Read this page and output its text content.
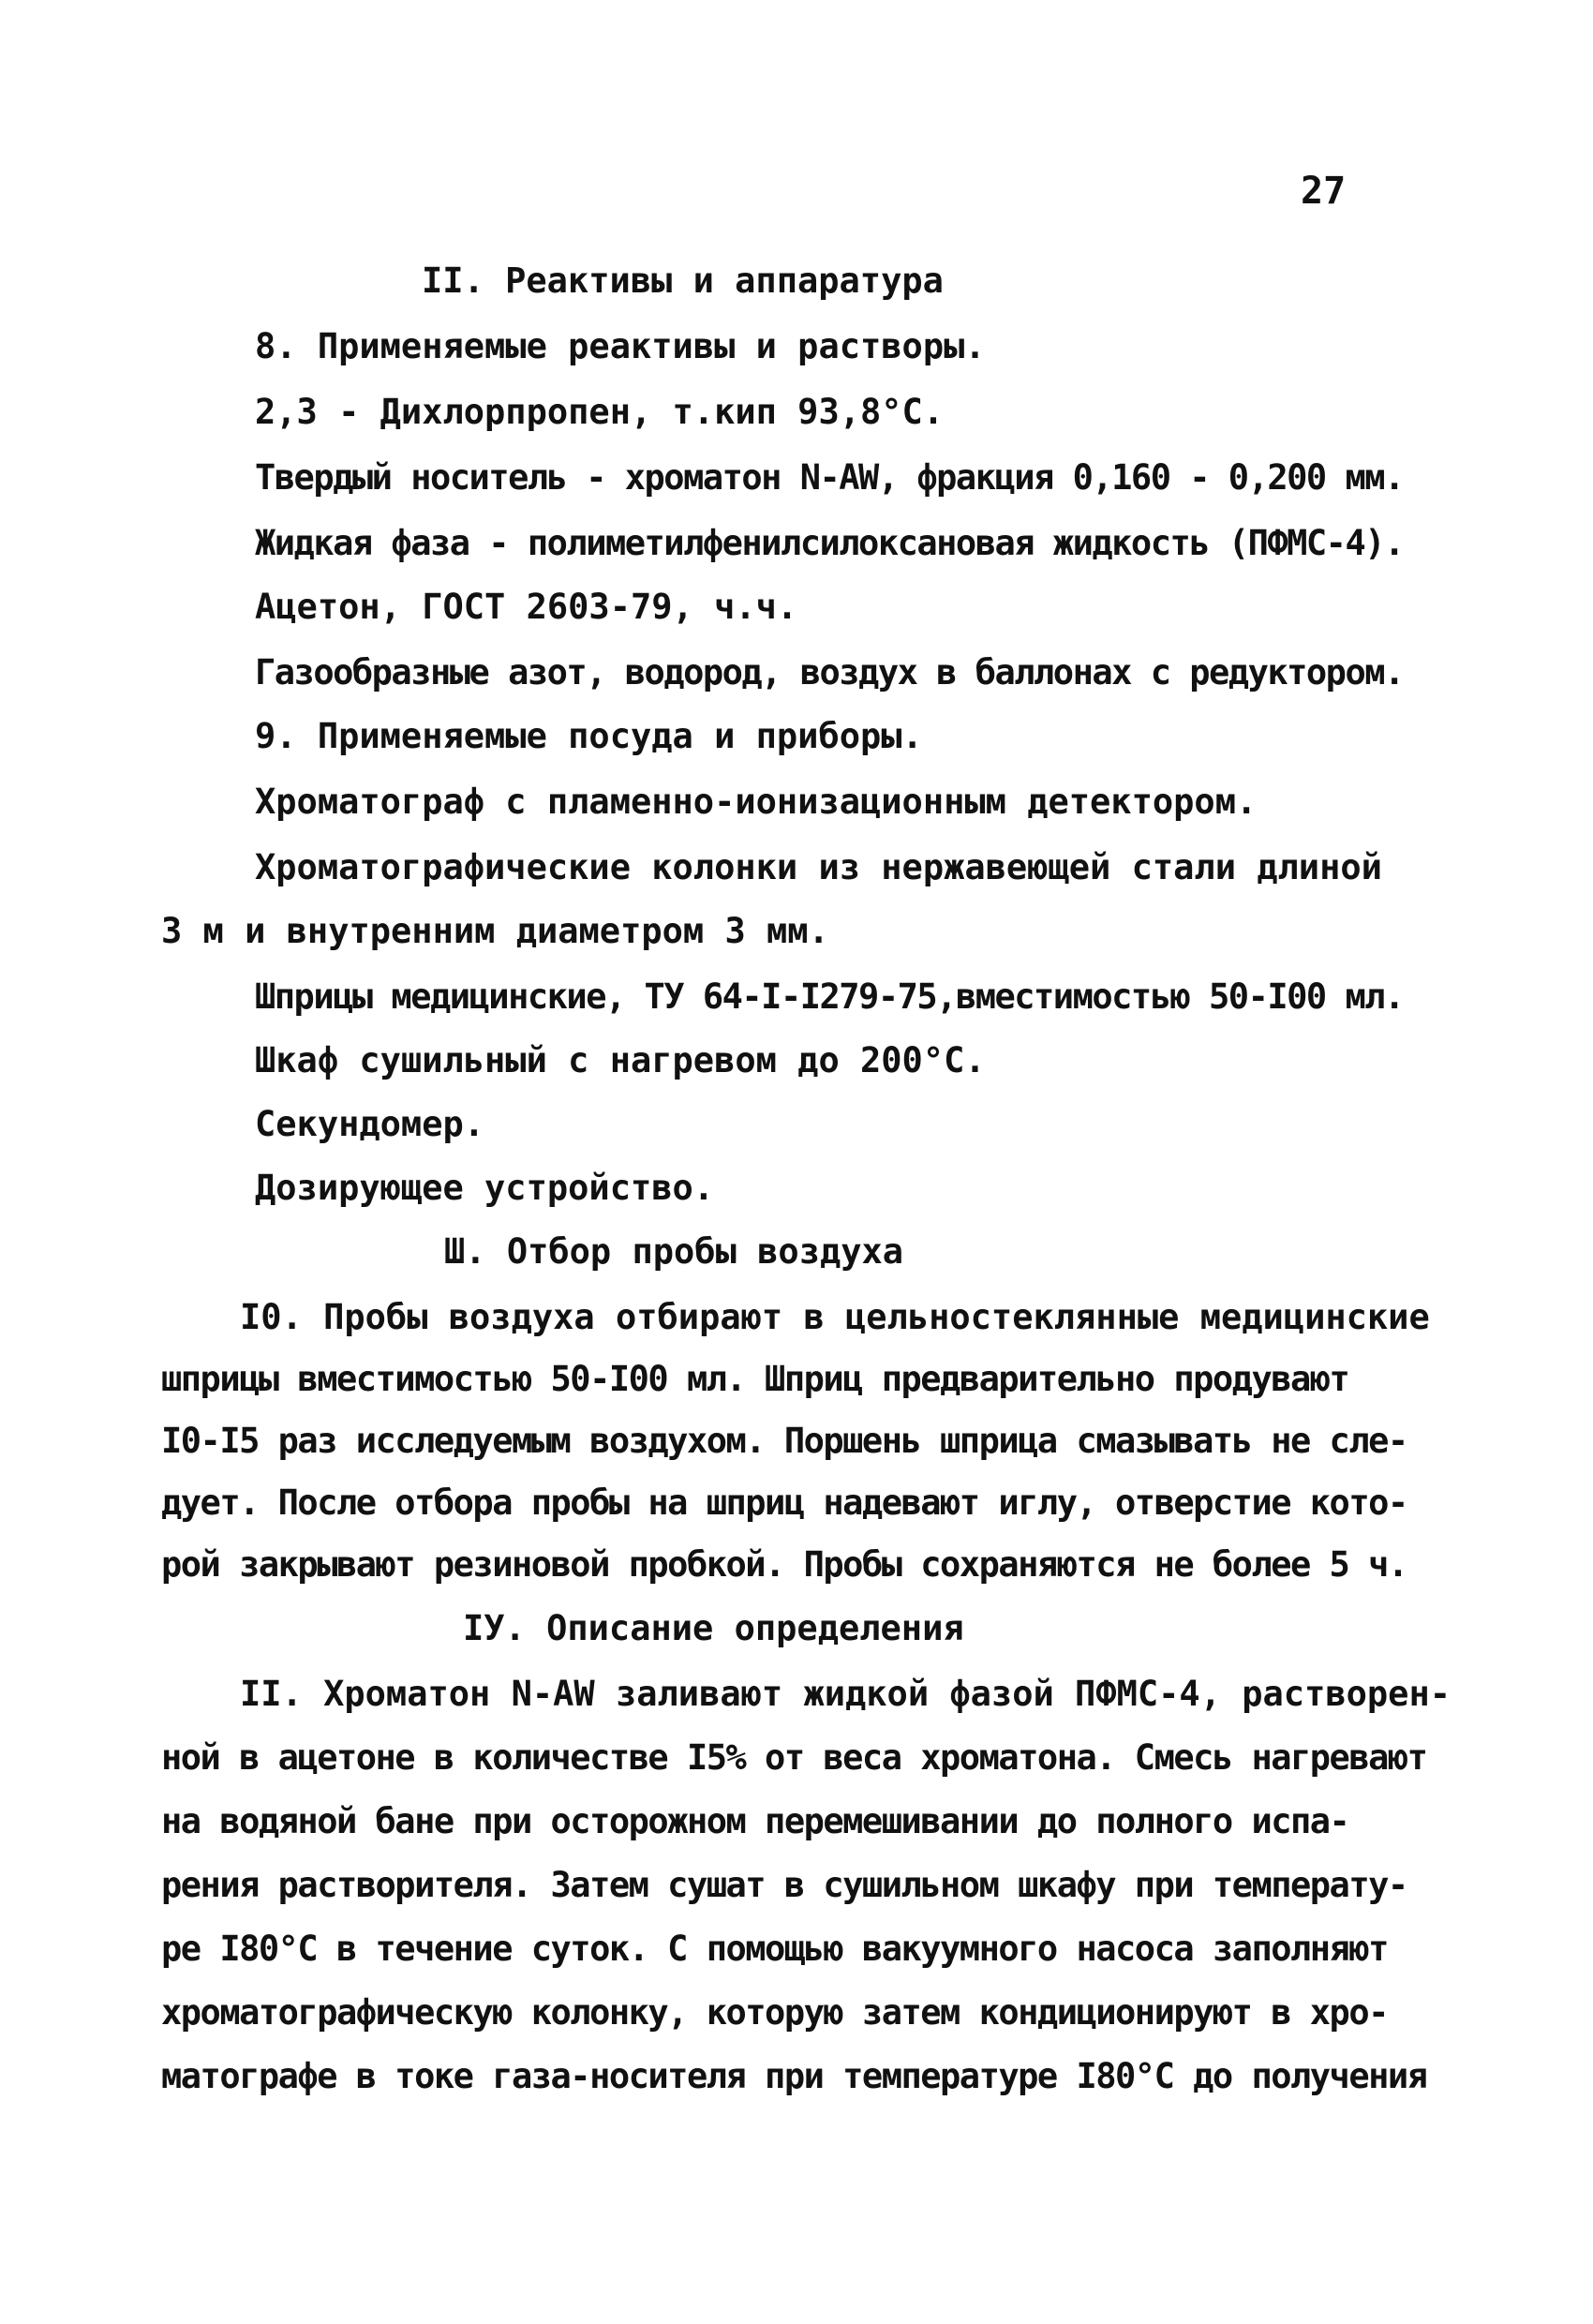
27
II. Реактивы и аппаратура
8. Применяемые реактивы и растворы.
2,3 - Дихлорпропен, т.кип 93,8°С.
Твердый носитель - хроматон N-AW, фракция 0,160 - 0,200 мм.
Жидкая фаза - полиметилфенилсилоксановая жидкость (ПФМС-4).
Ацетон, ГОСТ 2603-79, ч.ч.
Газообразные азот, водород, воздух в баллонах с редуктором.
9. Применяемые посуда и приборы.
Хроматограф с пламенно-ионизационным детектором.
Хроматографические колонки из нержавеющей стали длиной
3 м и внутренним диаметром 3 мм.
Шприцы медицинские, ТУ 64-I-I279-75,вместимостью 50-I00 мл.
Шкаф сушильный с нагревом до 200°С.
Секундомер.
Дозирующее устройство.
Ш. Отбор пробы воздуха
I0. Пробы воздуха отбирают в цельностеклянные медицинские
шприцы вместимостью 50-I00 мл. Шприц предварительно продувают
I0-I5 раз исследуемым воздухом. Поршень шприца смазывать не сле-
дует. После отбора пробы на шприц надевают иглу, отверстие кото-
рой закрывают резиновой пробкой. Пробы сохраняются не более 5 ч.
IУ. Описание определения
II. Хроматон N-AW заливают жидкой фазой ПФМС-4, растворен-
ной в ацетоне в количестве I5% от веса хроматона. Смесь нагревают
на водяной бане при осторожном перемешивании до полного испа-
рения растворителя. Затем сушат в сушильном шкафу при температу-
ре I80°С в течение суток. С помощью вакуумного насоса заполняют
хроматографическую колонку, которую затем кондиционируют в хро-
матографе в токе газа-носителя при температуре I80°С до получения
